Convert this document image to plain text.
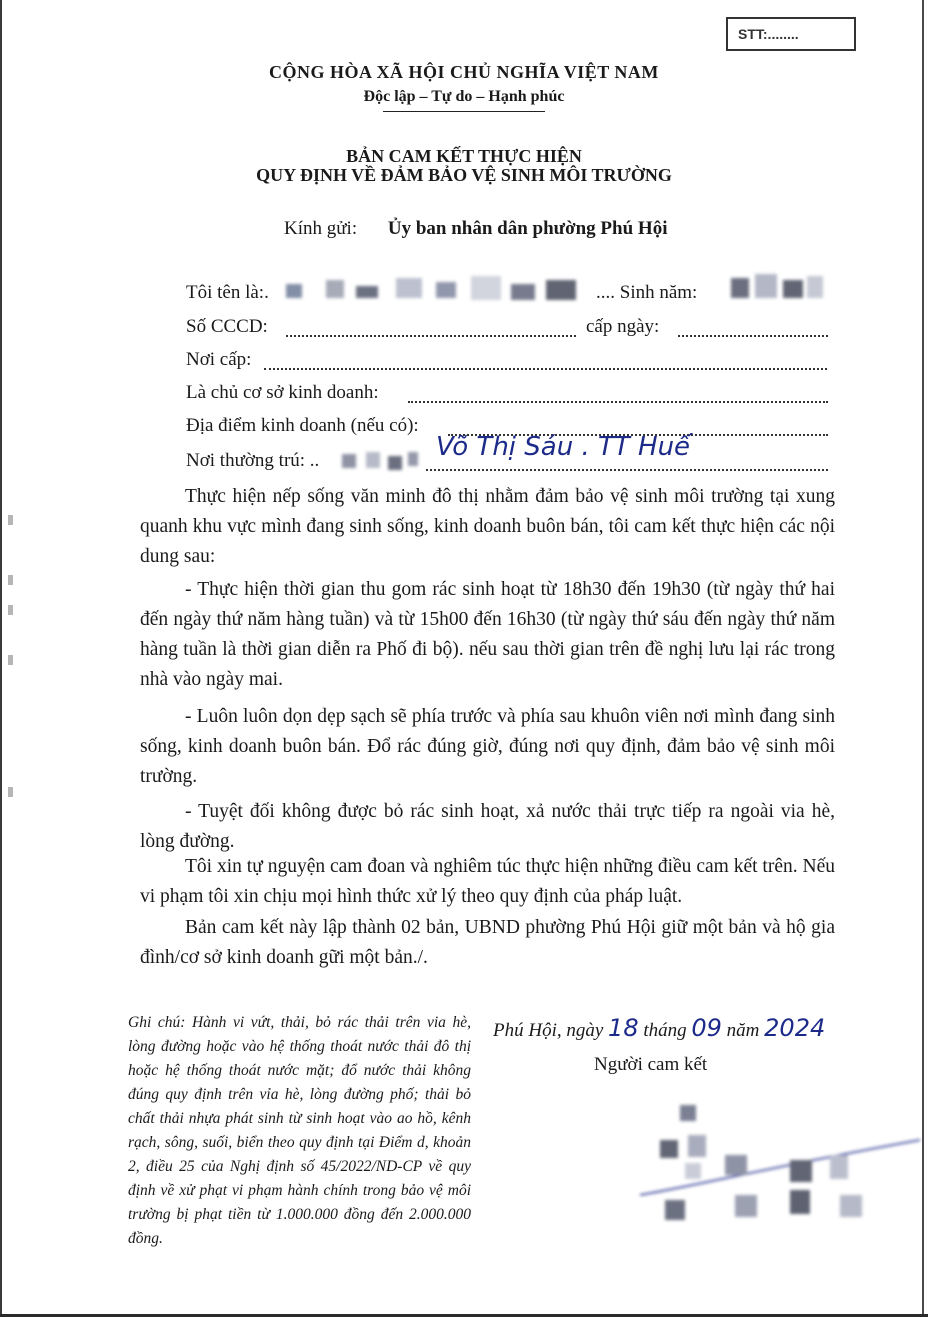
STT:........
CỘNG HÒA XÃ HỘI CHỦ NGHĨA VIỆT NAM
Độc lập – Tự do – Hạnh phúc
BẢN CAM KẾT THỰC HIỆN
QUY ĐỊNH VỀ ĐẢM BẢO VỆ SINH MÔI TRƯỜNG
Kính gửi: Ủy ban nhân dân phường Phú Hội
Tôi tên là:.	.... Sinh năm:
Số CCCD:	cấp ngày:
Nơi cấp:
Là chủ cơ sở kinh doanh:
Địa điểm kinh doanh (nếu có):
Nơi thường trú: ..	Võ Thị Sáu . TT Huế

Thực hiện nếp sống văn minh đô thị nhằm đảm bảo vệ sinh môi trường tại xung quanh khu vực mình đang sinh sống, kinh doanh buôn bán, tôi cam kết thực hiện các nội dung sau:

- Thực hiện thời gian thu gom rác sinh hoạt từ 18h30 đến 19h30 (từ ngày thứ hai đến ngày thứ năm hàng tuần) và từ 15h00 đến 16h30 (từ ngày thứ sáu đến ngày thứ năm hàng tuần là thời gian diễn ra Phố đi bộ). nếu sau thời gian trên đề nghị lưu lại rác trong nhà vào ngày mai.

- Luôn luôn dọn dẹp sạch sẽ phía trước và phía sau khuôn viên nơi mình đang sinh sống, kinh doanh buôn bán. Đổ rác đúng giờ, đúng nơi quy định, đảm bảo vệ sinh môi trường.

- Tuyệt đối không được bỏ rác sinh hoạt, xả nước thải trực tiếp ra ngoài via hè, lòng đường.

Tôi xin tự nguyện cam đoan và nghiêm túc thực hiện những điều cam kết trên. Nếu vi phạm tôi xin chịu mọi hình thức xử lý theo quy định của pháp luật.

Bản cam kết này lập thành 02 bản, UBND phường Phú Hội giữ một bản và hộ gia đình/cơ sở kinh doanh gữi một bản./.

Ghi chú: Hành vi vứt, thải, bỏ rác thải trên via hè, lòng đường hoặc vào hệ thống thoát nước thải đô thị hoặc hệ thống thoát nước mặt; đổ nước thải không đúng quy định trên vỉa hè, lòng đường phố; thải bỏ chất thải nhựa phát sinh từ sinh hoạt vào ao hồ, kênh rạch, sông, suối, biển theo quy định tại Điểm d, khoản 2, điều 25 của Nghị định số 45/2022/ND-CP về quy định về xử phạt vi phạm hành chính trong bảo vệ môi trường bị phạt tiền từ 1.000.000 đồng đến 2.000.000 đồng.
Phú Hội, ngày 18 tháng 09 năm 2024
Người cam kết
